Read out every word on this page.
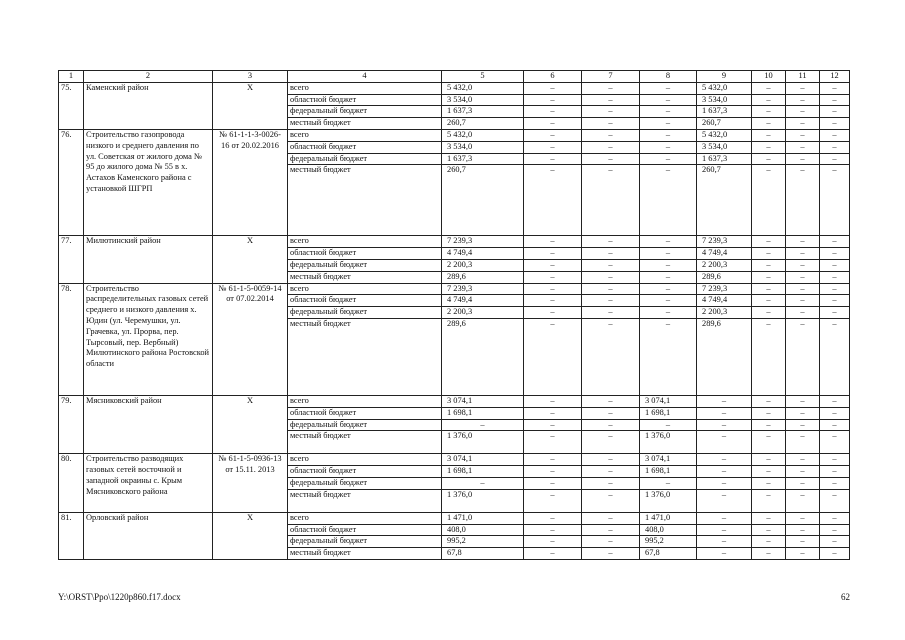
1	2	3	4	5	6	7	8	9	10	11	12
75.	Каменский район	X	всего	5 432,0	–	–	–	5 432,0	–	–	–
			областной бюджет	3 534,0	–	–	–	3 534,0	–	–	–
			федеральный бюджет	1 637,3	–	–	–	1 637,3	–	–	–
			местный бюджет	260,7	–	–	–	260,7	–	–	–
76.	Строительство газопровода низкого и среднего давления по ул. Советская от жилого дома № 95 до жилого дома № 55 в х. Астахов Каменского района с установкой ШГРП	№ 61-1-1-3-0026-16 от 20.02.2016	всего	5 432,0	–	–	–	5 432,0	–	–	–
			областной бюджет	3 534,0	–	–	–	3 534,0	–	–	–
			федеральный бюджет	1 637,3	–	–	–	1 637,3	–	–	–
			местный бюджет	260,7	–	–	–	260,7	–	–	–
77.	Милютинский район	X	всего	7 239,3	–	–	–	7 239,3	–	–	–
			областной бюджет	4 749,4	–	–	–	4 749,4	–	–	–
			федеральный бюджет	2 200,3	–	–	–	2 200,3	–	–	–
			местный бюджет	289,6	–	–	–	289,6	–	–	–
78.	Строительство распределительных газовых сетей среднего и низкого давления х. Юдин (ул. Черемушки, ул. Грачевка, ул. Прорва, пер. Тырсовый, пер. Вербный) Милютинского района Ростовской области	№ 61-1-5-0059-14 от 07.02.2014	всего	7 239,3	–	–	–	7 239,3	–	–	–
			областной бюджет	4 749,4	–	–	–	4 749,4	–	–	–
			федеральный бюджет	2 200,3	–	–	–	2 200,3	–	–	–
			местный бюджет	289,6	–	–	–	289,6	–	–	–
79.	Мясниковский район	X	всего	3 074,1	–	–	3 074,1	–	–	–	–
			областной бюджет	1 698,1	–	–	1 698,1	–	–	–	–
			федеральный бюджет	–	–	–	–	–	–	–	–
			местный бюджет	1 376,0	–	–	1 376,0	–	–	–	–
80.	Строительство разводящих газовых сетей восточной и западной окраины с. Крым Мясниковского района	№ 61-1-5-0936-13 от 15.11. 2013	всего	3 074,1	–	–	3 074,1	–	–	–	–
			областной бюджет	1 698,1	–	–	1 698,1	–	–	–	–
			федеральный бюджет	–	–	–	–	–	–	–	–
			местный бюджет	1 376,0	–	–	1 376,0	–	–	–	–
81.	Орловский район	X	всего	1 471,0	–	–	1 471,0	–	–	–	–
			областной бюджет	408,0	–	–	408,0	–	–	–	–
			федеральный бюджет	995,2	–	–	995,2	–	–	–	–
			местный бюджет	67,8	–	–	67,8	–	–	–	–
Y:\ORST\Ppo\1220p860.f17.docx	62
